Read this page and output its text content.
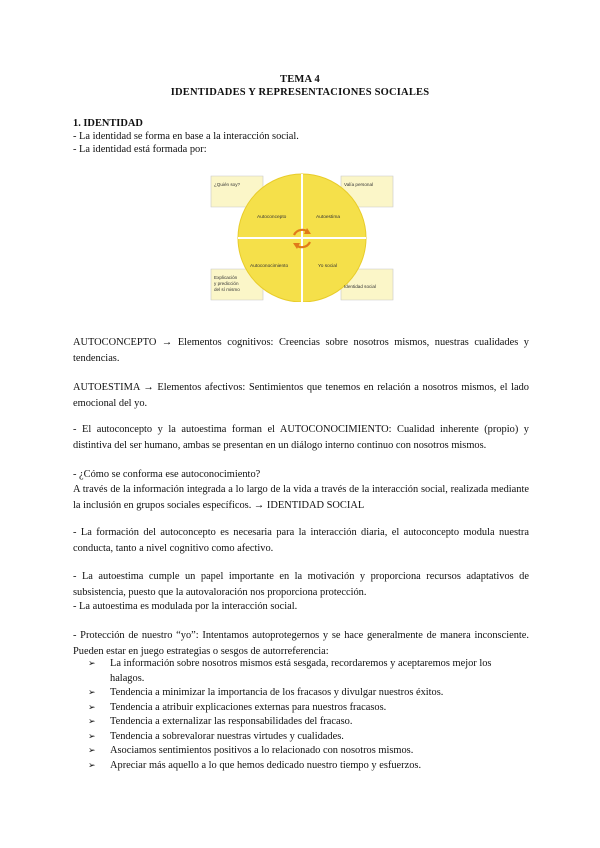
TEMA 4
IDENTIDADES Y REPRESENTACIONES SOCIALES
1. IDENTIDAD
- La identidad se forma en base a la interacción social.
- La identidad está formada por:
¿Quién soy?	Valía personal
Explicación
y predicción
del sí mismo
Identidad social
Autoconcepto	Autoestima
Autoconocimiento	Yo social
AUTOCONCEPTO → Elementos cognitivos: Creencias sobre nosotros mismos, nuestras cualidades y tendencias.
AUTOESTIMA → Elementos afectivos: Sentimientos que tenemos en relación a nosotros mismos, el lado emocional del yo.
- El autoconcepto y la autoestima forman el AUTOCONOCIMIENTO: Cualidad inherente (propio) y distintiva del ser humano, ambas se presentan en un diálogo interno continuo con nosotros mismos.
- ¿Cómo se conforma ese autoconocimiento?
A través de la información integrada a lo largo de la vida a través de la interacción social, realizada mediante la inclusión en grupos sociales específicos. → IDENTIDAD SOCIAL
- La formación del autoconcepto es necesaria para la interacción diaria, el autoconcepto modula nuestra conducta, tanto a nivel cognitivo como afectivo.
- La autoestima cumple un papel importante en la motivación y proporciona recursos adaptativos de subsistencia, puesto que la autovaloración nos proporciona protección.
- La autoestima es modulada por la interacción social.
- Protección de nuestro “yo”: Intentamos autoprotegernos y se hace generalmente de manera inconsciente. Pueden estar en juego estrategias o sesgos de autorreferencia:
➢ La información sobre nosotros mismos está sesgada, recordaremos y aceptaremos mejor los halagos.
➢ Tendencia a minimizar la importancia de los fracasos y divulgar nuestros éxitos.
➢ Tendencia a atribuir explicaciones externas para nuestros fracasos.
➢ Tendencia a externalizar las responsabilidades del fracaso.
➢ Tendencia a sobrevalorar nuestras virtudes y cualidades.
➢ Asociamos sentimientos positivos a lo relacionado con nosotros mismos.
➢ Apreciar más aquello a lo que hemos dedicado nuestro tiempo y esfuerzos.
